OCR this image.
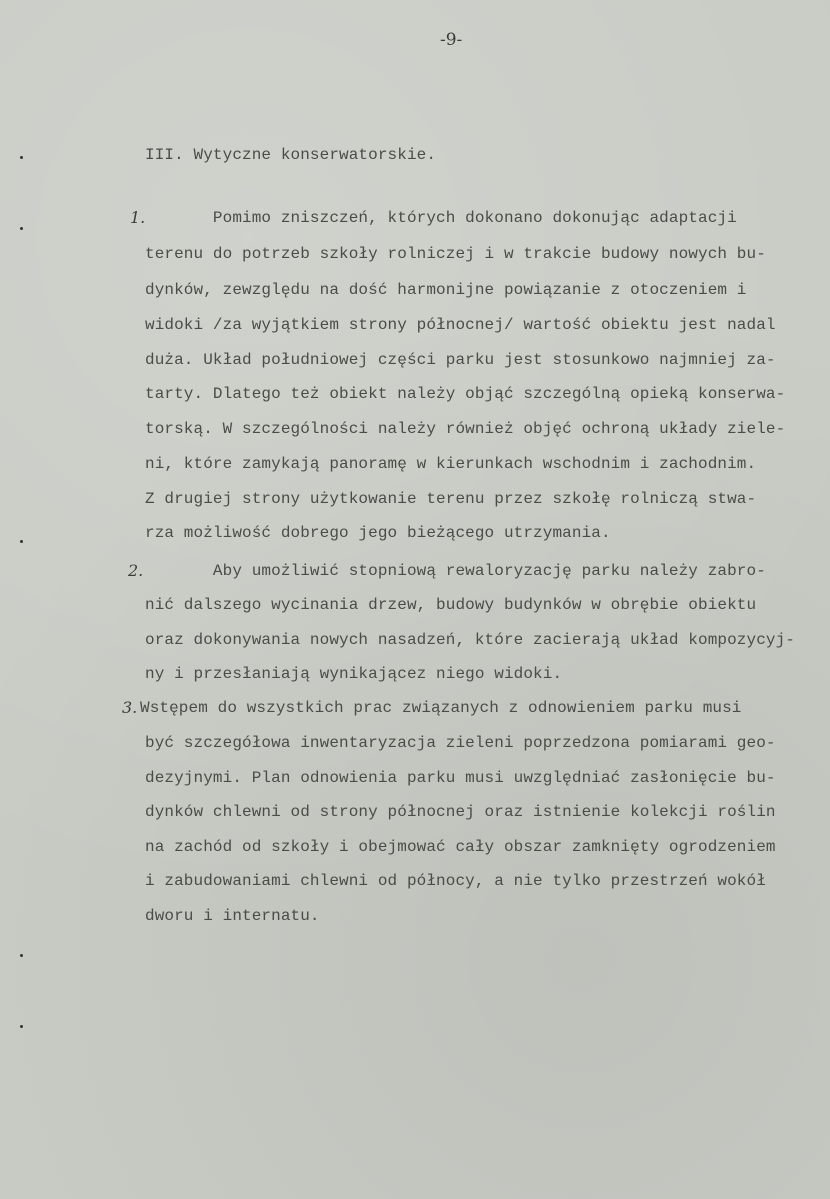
-9-
III. Wytyczne konserwatorskie.
1. Pomimo zniszczeń, których dokonano dokonując adaptacji
terenu do potrzeb szkoły rolniczej i w trakcie budowy nowych bu-
dynków, zewzględu na dość harmonijne powiązanie z otoczeniem i
widoki /za wyjątkiem strony północnej/ wartość obiektu jest nadal
duża. Układ południowej części parku jest stosunkowo najmniej za-
tarty. Dlatego też obiekt należy objąć szczególną opieką konserwa-
torską. W szczególności należy również objęć ochroną układy ziele-
ni, które zamykają panoramę w kierunkach wschodnim i zachodnim.
Z drugiej strony użytkowanie terenu przez szkołę rolniczą stwa-
rza możliwość dobrego jego bieżącego utrzymania.
2. Aby umożliwić stopniową rewaloryzację parku należy zabro-
nić dalszego wycinania drzew, budowy budynków w obrębie obiektu
oraz dokonywania nowych nasadzeń, które zacierają układ kompozycyj-
ny i przesłaniają wynikającez niego widoki.
3. Wstępem do wszystkich prac związanych z odnowieniem parku musi
być szczegółowa inwentaryzacja zieleni poprzedzona pomiarami geo-
dezyjnymi. Plan odnowienia parku musi uwzględniać zasłonięcie bu-
dynków chlewni od strony północnej oraz istnienie kolekcji roślin
na zachód od szkoły i obejmować cały obszar zamknięty ogrodzeniem
i zabudowaniami chlewni od północy, a nie tylko przestrzeń wokół
dworu i internatu.
